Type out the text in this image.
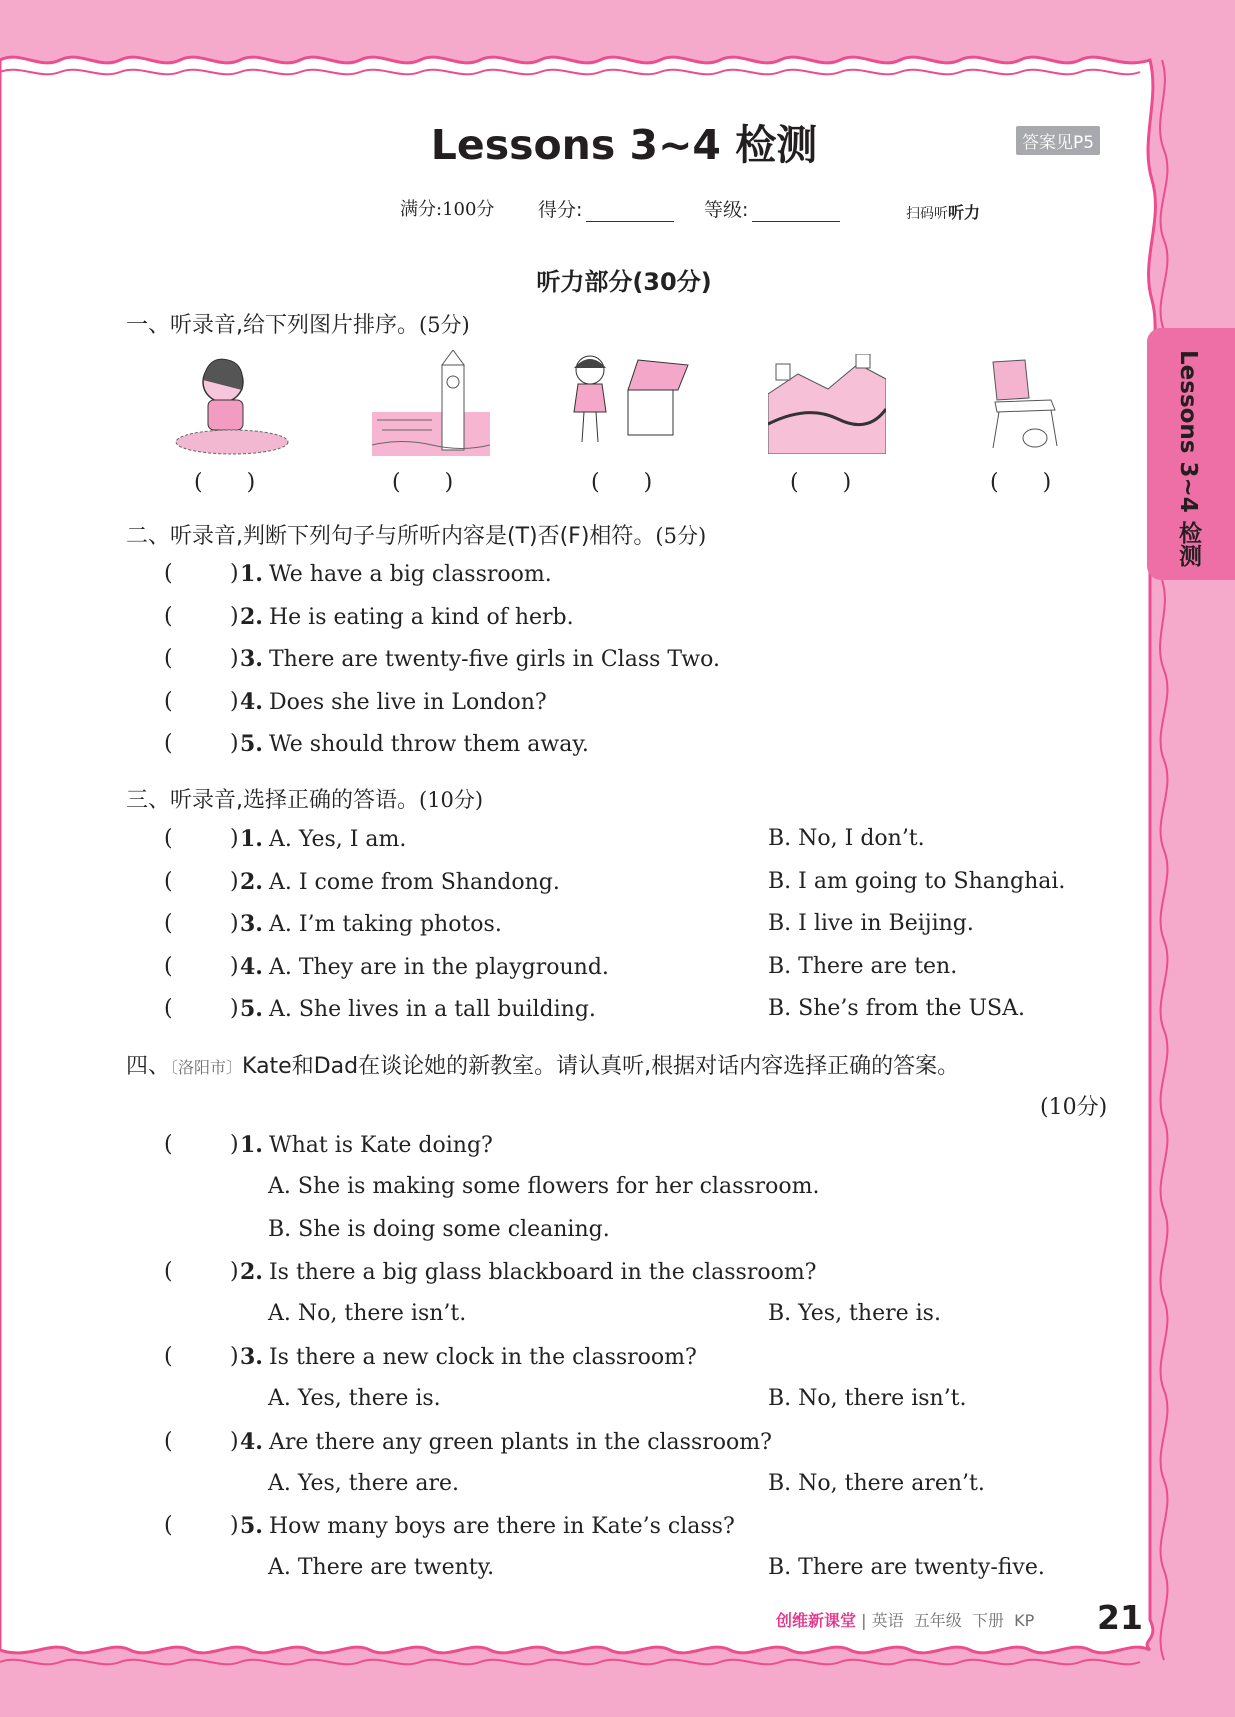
Lessons 3~4 检测
Lessons 3~4 检测	答案见P5
满分:100分 得分:	等级:	扫码听听力
听力部分(30分)
一、听录音,给下列图片排序。(5分)
(　　)	(　　)	(　　)	(　　)	(　　)
二、听录音,判断下列句子与所听内容是(T)否(F)相符。(5分)
(	) 1. We have a big classroom.
(	) 2. He is eating a kind of herb.
(	) 3. There are twenty-five girls in Class Two.
(	) 4. Does she live in London?
(	) 5. We should throw them away.
三、听录音,选择正确的答语。(10分)
(	) 1. A. Yes, I am.	B. No, I don’t.
(	) 2. A. I come from Shandong.	B. I am going to Shanghai.
(	) 3. A. I’m taking photos.	B. I live in Beijing.
(	) 4. A. They are in the playground.	B. There are ten.
(	) 5. A. She lives in a tall building.	B. She’s from the USA.
四、〔洛阳市〕Kate和Dad在谈论她的新教室。请认真听,根据对话内容选择正确的答案。
(10分)
(	) 1. What is Kate doing?
A. She is making some flowers for her classroom.
B. She is doing some cleaning.
(	) 2. Is there a big glass blackboard in the classroom?
A. No, there isn’t.	B. Yes, there is.
(	) 3. Is there a new clock in the classroom?
A. Yes, there is.	B. No, there isn’t.
(	) 4. Are there any green plants in the classroom?
A. Yes, there are.	B. No, there aren’t.
(	) 5. How many boys are there in Kate’s class?
A. There are twenty.	B. There are twenty-five.
创维新课堂 | 英语 五年级 下册 KP 21
